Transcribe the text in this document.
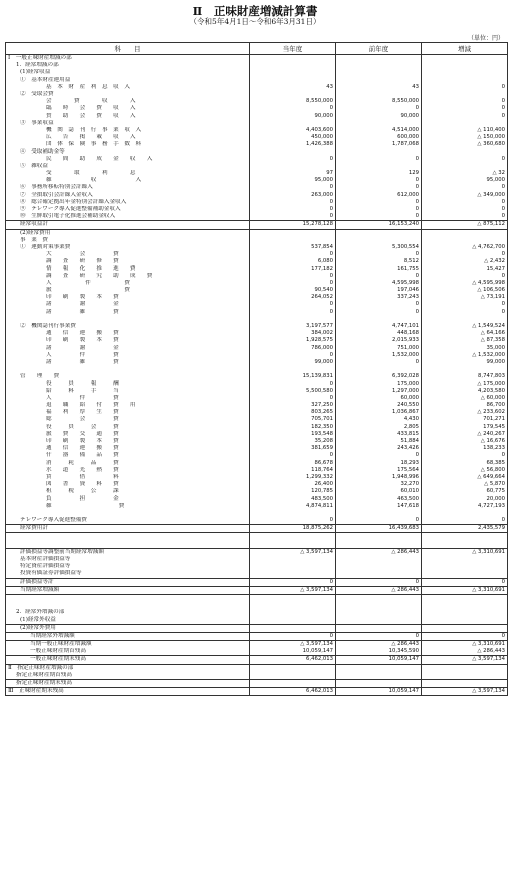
Ⅱ　正味財産増減計算書
（令和5年4月1日～令和6年3月31日）
（単位：円）
科　　目	当年度	前年度	増減
Ⅰ　一般正味財産増減の部			
1．経常増減の部			
(1)経常収益			
①　基本財産運用益			
基　本　財　産　利　息　収　入	43	43	0
②　受取会費			
会　　　　費　　　　収　　　　入	8,550,000	8,550,000	0
臨　　時　　会　　費　　収　　入	0	0	0
賛　　助　　会　　費　　収　　入	90,000	90,000	0
③　事業収益			
機　関　誌　刊　行　事　業　収　入	4,403,600	4,514,000	△ 110,400
広　　告　　掲　　載　　収　　入	450,000	600,000	△ 150,000
団　体　保　険　事　務　手　数　料	1,426,388	1,787,068	△ 360,680
④　受取補助金等			
民　　間　　助　　成　　金　　収　　入	0	0	0
⑤　雑収益			
受　　　　取　　　　利　　　　息	97	129	△ 32
雑　　　　　　　収　　　　　　　入	95,000	0	95,000
⑥　事務所移転特別会計繰入	0	0	0
⑦　全損取引会計繰入金収入	263,000	612,000	△ 349,000
⑧　総合確定拠出年金特別会計繰入金収入	0	0	0
⑨　テレワーク導入促進整備補助金収入	0	0	0
⑩　生鮮取引電子化推進会補助金収入	0	0	0
経常収益計	15,278,128	16,153,240	△ 875,112
(2)経常費用			
事　業　費			
①　運動対策事業費	537,854	5,300,554	△ 4,762,700
大　　　　　会　　　　　費	0	0	0
調　　査　　研　　修　　費	6,080	8,512	△ 2,432
情　　報　　化　　推　　進　　費	177,182	161,755	15,427
調　　査　　研　　究　　助　　成　　費	0	0	0
人　　　　　　件　　　　　　費	0	4,595,998	△ 4,595,998
旅　　　　　　　　　　　　　費	90,540	197,046	△ 106,506
印　　刷　　製　　本　　費	264,052	337,243	△ 73,191
諸　　　　　謝　　　　　金	0	0	0
諸　　　　　雑　　　　　費	0	0	0

②　機関誌刊行事業費	3,197,577	4,747,101	△ 1,549,524
通　　信　　運　　搬　　費	384,002	448,168	△ 64,166
印　　刷　　製　　本　　費	1,928,575	2,015,933	△ 87,358
諸　　　　　謝　　　　　金	786,000	751,000	35,000
人　　　　　件　　　　　費	0	1,532,000	△ 1,532,000
諸　　　　　雑　　　　　費	99,000	0	99,000

管　　理　　費	15,139,831	6,392,028	8,747,803
役　　　員　　　報　　　酬	0	175,000	△ 175,000
給　　　料　　　手　　　当	5,500,580	1,297,000	4,203,580
人　　　　　件　　　　　費	0	60,000	△ 60,000
退　　職　　給　　付　　費　　用	327,250	240,550	86,700
福　　利　　厚　　生　　費	803,265	1,036,867	△ 233,602
総　　　　　会　　　　　費	705,701	4,430	701,271
役　　　員　　　会　　　費	182,350	2,805	179,545
旅　　費　　交　　通　　費	193,548	433,815	△ 240,267
印　　刷　　製　　本　　費	35,208	51,884	△ 16,676
通　　信　　運　　搬　　費	381,659	243,426	138,233
什　　器　　備　　品　　費	0	0	0
消　　　耗　　　品　　　費	86,678	18,293	68,385
水　　道　　光　　熱　　費	118,764	175,564	△ 56,800
賃　　　　　借　　　　　料	1,299,332	1,948,996	△ 649,664
図　　書　　資　　料　　費	26,400	32,270	△ 5,870
租　　　税　　　公　　　課	120,785	60,010	60,775
負　　　　　担　　　　　金	483,500	463,500	20,000
雑　　　　　　　　　　　　費	4,874,811	147,618	4,727,193

テレワーク導入促進整備費	0	0	0
経常費用計	18,875,262	16,439,683	2,435,579

評価損益等調整前当期経常増減額	△ 3,597,134	△ 286,443	△ 3,310,691
基本財産評価損益等			
特定資産評価損益等			
投資有価証券評価損益等			
評価損益等計	0	0	0
当期経常増減額	△ 3,597,134	△ 286,443	△ 3,310,691

2．経常外増減の部			
(1)経常外収益			
(2)経常外費用			
当期経常外増減額	0	0	0
当期一般正味財産増減額	△ 3,597,134	△ 286,443	△ 3,310,691
一般正味財産期首残高	10,059,147	10,345,590	△ 286,443
一般正味財産期末残高	6,462,013	10,059,147	△ 3,597,134
Ⅱ　指定正味財産増減の部			
指定正味財産期首残高			
指定正味財産期末残高			
Ⅲ　正味財産期末残高	6,462,013	10,059,147	△ 3,597,134
